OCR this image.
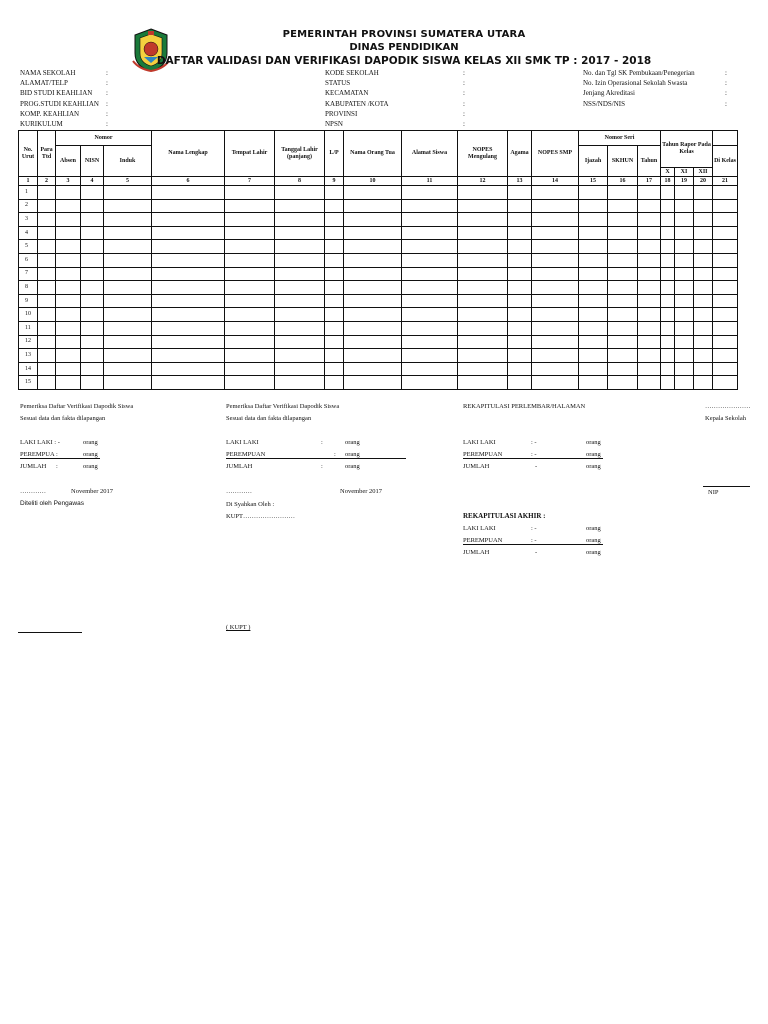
PEMERINTAH PROVINSI SUMATERA UTARA
DINAS PENDIDIKAN
DAFTAR VALIDASI DAN VERIFIKASI DAPODIK SISWA KELAS XII SMK TP : 2017 - 2018
NAMA SEKOLAH	:
ALAMAT/TELP	:
BID STUDI KEAHLIAN :
PROG.STUDI KEAHLIAN :
KOMP. KEAHLIAN	:
KURIKULUM	:
KODE SEKOLAH	:
STATUS	:
KECAMATAN	:
KABUPATEN /KOTA	:
PROVINSI	:
NPSN	:
No. dan Tgl SK Pembukaan/Penegerian	:
No. Izin Operasional Sekolah Swasta	:
Jenjang Akreditasi	:
NSS/NDS/NIS	:
No. Urut	Para Ttd	Nomor			Nama Lengkap	Tempat Lahir	Tanggal Lahir (panjang)	L/P	Nama Orang Tua	Alamat Siswa	NOPES Mengulang	Agama	NOPES SMP	Nomor Seri			Tahun Rapor Pada Kelas			
		Absen	NISN	Induk										Ijazah	SKHUN	Tahun				Di Kelas
																	X	XI	XII	
1	2	3	4	5	6	7	8	9	10	11	12	13	14	15	16	17	18	19	20	21
1																				
2																				
3																				
4																				
5																				
6																				
7																				
8																				
9																				
10																				
11																				
12																				
13																				
14																				
15																				
Pemeriksa Daftar Verifikasi Dapodik Siswa
Sesuai data dan fakta dilapangan
LAKI LAKI : -	orang
PEREMPUA :	orang
JUMLAH :	orang
…………	November 2017
Diteliti oleh Pengawas
Pemeriksa Daftar Verifikasi Dapodik Siswa
Sesuai data dan fakta dilapangan
LAKI LAKI	:	orang
PEREMPUAN	: orang
JUMLAH	:	orang
…………	November 2017
Di Syahkan Oleh :
KUPT……………………
( KUPT )
REKAPITULASI PERLEMBAR/HALAMAN
LAKI LAKI	: -	orang
PEREMPUAN	: -	orang
JUMLAH	-	orang
REKAPITULASI AKHIR :
LAKI LAKI	: -	orang
PEREMPUAN	: -	orang
JUMLAH	-	orang
…………………
Kepala Sekolah
NIP
